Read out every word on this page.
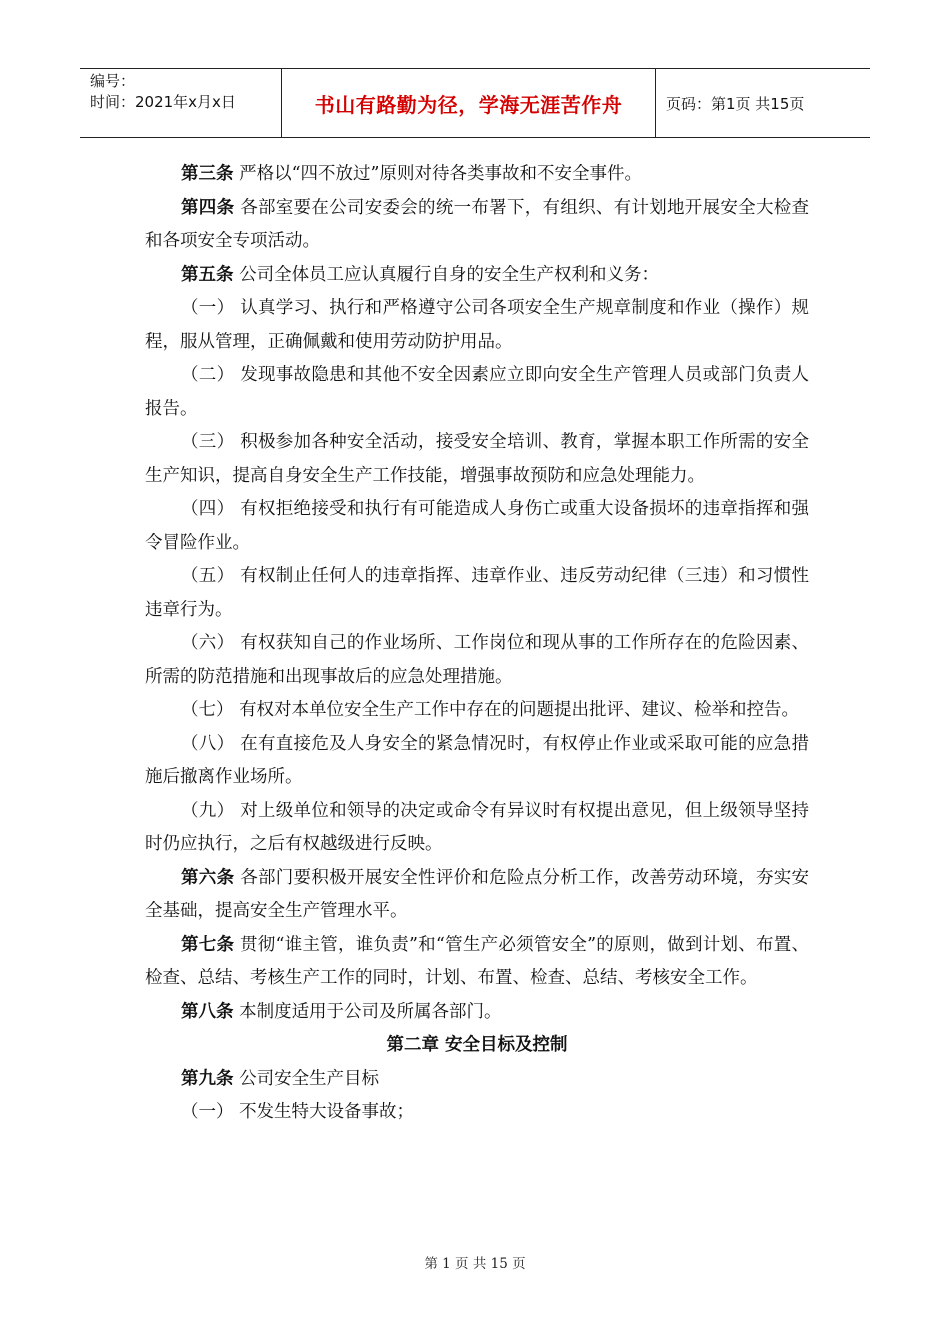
编号：
时间：2021年x月x日	书山有路勤为径，学海无涯苦作舟	页码：第1页 共15页

第三条 严格以“四不放过”原则对待各类事故和不安全事件。

第四条 各部室要在公司安委会的统一布署下，有组织、有计划地开展安全大检查和各项安全专项活动。

第五条 公司全体员工应认真履行自身的安全生产权利和义务：

（一） 认真学习、执行和严格遵守公司各项安全生产规章制度和作业（操作）规程，服从管理，正确佩戴和使用劳动防护用品。

（二） 发现事故隐患和其他不安全因素应立即向安全生产管理人员或部门负责人报告。

（三） 积极参加各种安全活动，接受安全培训、教育，掌握本职工作所需的安全生产知识，提高自身安全生产工作技能，增强事故预防和应急处理能力。

（四） 有权拒绝接受和执行有可能造成人身伤亡或重大设备损坏的违章指挥和强令冒险作业。

（五） 有权制止任何人的违章指挥、违章作业、违反劳动纪律（三违）和习惯性违章行为。

（六） 有权获知自己的作业场所、工作岗位和现从事的工作所存在的危险因素、所需的防范措施和出现事故后的应急处理措施。

（七） 有权对本单位安全生产工作中存在的问题提出批评、建议、检举和控告。

（八） 在有直接危及人身安全的紧急情况时，有权停止作业或采取可能的应急措施后撤离作业场所。

（九） 对上级单位和领导的决定或命令有异议时有权提出意见，但上级领导坚持时仍应执行，之后有权越级进行反映。

第六条 各部门要积极开展安全性评价和危险点分析工作，改善劳动环境，夯实安全基础，提高安全生产管理水平。

第七条 贯彻“谁主管，谁负责”和“管生产必须管安全”的原则，做到计划、布置、检查、总结、考核生产工作的同时，计划、布置、检查、总结、考核安全工作。

第八条 本制度适用于公司及所属各部门。

第二章 安全目标及控制

第九条 公司安全生产目标

（一） 不发生特大设备事故；

第 1 页 共 15 页
